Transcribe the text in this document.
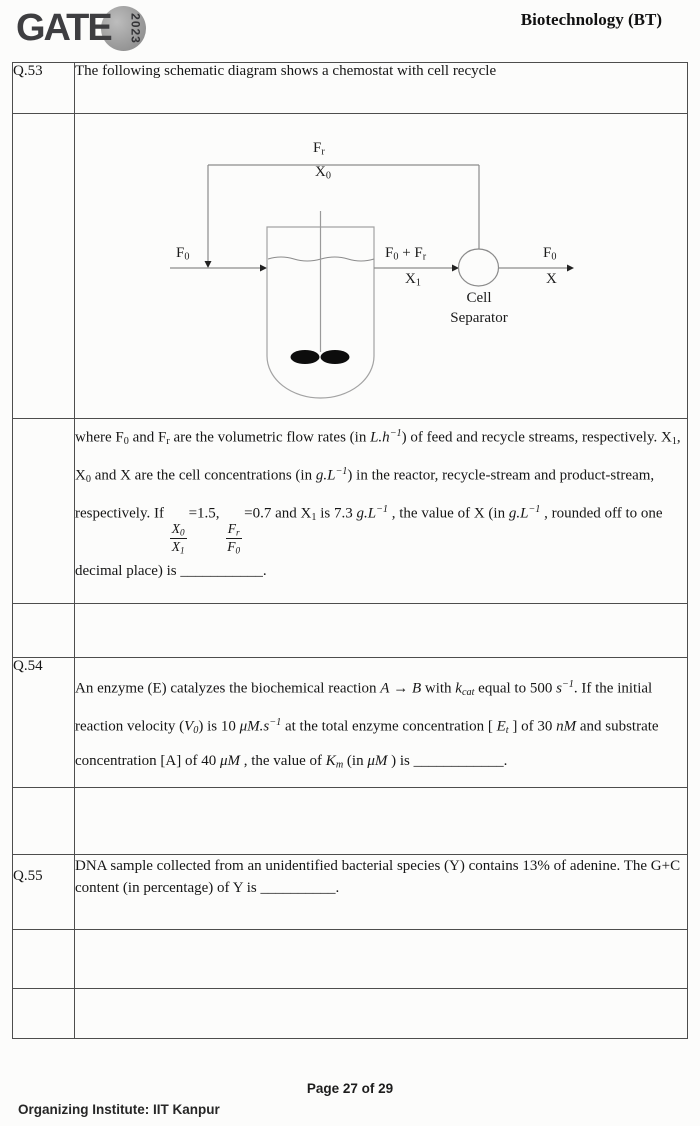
GATE	2023	Biotechnology (BT)
Q.53	The following schematic diagram shows a chemostat with cell recycle

$F_r$
$X_0$
$F_0$	$F_0 + F_r$
$X_1$
$F_0$
X
Cell
Separator

	where $F_0$ and $F_r$ are the volumetric flow rates (in $L.h^{-1}$) of feed and recycle streams, respectively. $X_1$, $X_0$ and X are the cell concentrations (in $g.L^{-1}$) in the reactor, recycle-stream and product-stream, respectively. If
$\frac{X_0}{X_1}$
=1.5,
$\frac{F_r}{F_0}$
=0.7 and $X_1$ is 7.3 $g.L^{-1}$ , the value of X (in $g.L^{-1}$ , rounded off to one decimal place) is ___________.

Q.54	An enzyme (E) catalyzes the biochemical reaction A → B with $k_{cat}$ equal to 500 $s^{-1}$. If the initial reaction velocity $(V_0)$ is 10 $\mu M.s^{-1}$ at the total enzyme concentration [ $E_t$ ] of 30 nM and substrate concentration [A] of 40 μM , the value of $K_m$ (in μM ) is ____________.

Q.55	DNA sample collected from an unidentified bacterial species (Y) contains 13% of adenine. The G+C content (in percentage) of Y is __________.

Page 27 of 29
Organizing Institute: IIT Kanpur
